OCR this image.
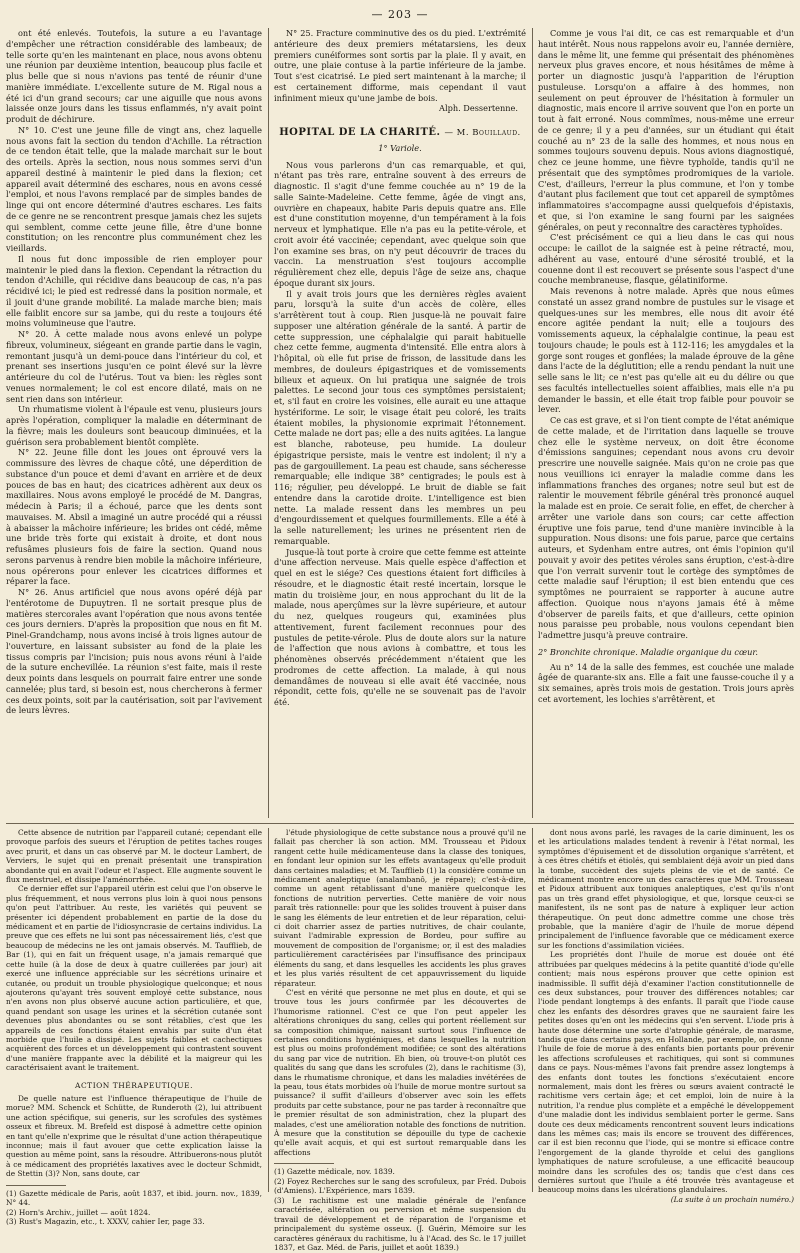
— 203 —

ont été enlevés. Toutefois, la suture a eu l'avantage d'empêcher une rétraction considérable des lambeaux; de telle sorte qu'en les maintenant en place, nous avons obtenu une réunion par deuxième intention, beaucoup plus facile et plus belle que si nous n'avions pas tenté de réunir d'une manière immédiate. L'excellente suture de M. Rigal nous a été ici d'un grand secours; car une aiguille que nous avons laissée onze jours dans les tissus enflammés, n'y avait point produit de déchirure.

N° 10. C'est une jeune fille de vingt ans, chez laquelle nous avons fait la section du tendon d'Achille. La rétraction de ce tendon était telle, que la malade marchait sur le bout des orteils. Après la section, nous nous sommes servi d'un appareil destiné à maintenir le pied dans la flexion; cet appareil avait déterminé des eschares, nous en avons cessé l'emploi, et nous l'avons remplacé par de simples bandes de linge qui ont encore déterminé d'autres eschares. Les faits de ce genre ne se rencontrent presque jamais chez les sujets qui semblent, comme cette jeune fille, être d'une bonne constitution; on les rencontre plus communément chez les vieillards.

Il nous fut donc impossible de rien employer pour maintenir le pied dans la flexion. Cependant la rétraction du tendon d'Achille, qui récidive dans beaucoup de cas, n'a pas récidivé ici; le pied est redressé dans la position normale, et il jouit d'une grande mobilité. La malade marche bien; mais elle faiblit encore sur sa jambe, qui du reste a toujours été moins volumineuse que l'autre.

N° 20. À cette malade nous avons enlevé un polype fibreux, volumineux, siégeant en grande partie dans le vagin, remontant jusqu'à un demi-pouce dans l'intérieur du col, et prenant ses insertions jusqu'en ce point élevé sur la lèvre antérieure du col de l'utérus. Tout va bien: les règles sont venues normalement; le col est encore dilaté, mais on ne sent rien dans son intérieur.

Un rhumatisme violent à l'épaule est venu, plusieurs jours après l'opération, compliquer la maladie en déterminant de la fièvre; mais les douleurs sont beaucoup diminuées, et la guérison sera probablement bientôt complète.

N° 22. Jeune fille dont les joues ont éprouvé vers la commissure des lèvres de chaque côté, une déperdition de substance d'un pouce et demi d'avant en arrière et de deux pouces de bas en haut; des cicatrices adhèrent aux deux os maxillaires. Nous avons employé le procédé de M. Dangras, médecin à Paris; il a échoué, parce que les dents sont mauvaises. M. Absil a imaginé un autre procédé qui a réussi à abaisser la mâchoire inférieure; les brides ont cédé, même une bride très forte qui existait à droite, et dont nous refusâmes plusieurs fois de faire la section. Quand nous serons parvenus à rendre bien mobile la mâchoire inférieure, nous opérerons pour enlever les cicatrices difformes et réparer la face.

N° 26. Anus artificiel que nous avons opéré déjà par l'entérotome de Dupuytren. Il ne sortait presque plus de matières stercorales avant l'opération que nous avons tentée ces jours derniers. D'après la proposition que nous en fit M. Pinel-Grandchamp, nous avons incisé à trois lignes autour de l'ouverture, en laissant subsister au fond de la plaie les tissus compris par l'incision; puis nous avons réuni à l'aide de la suture enchevillée. La réunion s'est faite, mais il reste deux points dans lesquels on pourrait faire entrer une sonde cannelée; plus tard, si besoin est, nous chercherons à fermer ces deux points, soit par la cautérisation, soit par l'avivement de leurs lèvres.

N° 25. Fracture comminutive des os du pied. L'extrémité antérieure des deux premiers métatarsiens, les deux premiers cunéiformes sont sortis par la plaie. Il y avait, en outre, une plaie contuse à la partie inférieure de la jambe. Tout s'est cicatrisé. Le pied sert maintenant à la marche; il est certainement difforme, mais cependant il vaut infiniment mieux qu'une jambe de bois.

Alph. Dessertenne.
HOPITAL DE LA CHARITÉ. — M. Bouillaud.
1° Variole.

Nous vous parlerons d'un cas remarquable, et qui, n'étant pas très rare, entraîne souvent à des erreurs de diagnostic. Il s'agit d'une femme couchée au n° 19 de la salle Sainte-Madeleine. Cette femme, âgée de vingt ans, ouvrière en chapeaux, habite Paris depuis quatre ans. Elle est d'une constitution moyenne, d'un tempérament à la fois nerveux et lymphatique. Elle n'a pas eu la petite-vérole, et croit avoir été vaccinée; cependant, avec quelque soin que l'on examine ses bras, on n'y peut découvrir de traces du vaccin. La menstruation s'est toujours accomplie régulièrement chez elle, depuis l'âge de seize ans, chaque époque durant six jours.

Il y avait trois jours que les dernières règles avaient paru, lorsqu'à la suite d'un accès de colère, elles s'arrêtèrent tout à coup. Rien jusque-là ne pouvait faire supposer une altération générale de la santé. À partir de cette suppression, une céphalalgie qui parait habituelle chez cette femme, augmenta d'intensité. Elle entra alors à l'hôpital, où elle fut prise de frisson, de lassitude dans les membres, de douleurs épigastriques et de vomissements bilieux et aqueux. On lui pratiqua une saignée de trois palettes. Le second jour tous ces symptômes persistaient; et, s'il faut en croire les voisines, elle aurait eu une attaque hystériforme. Le soir, le visage était peu coloré, les traits étaient mobiles, la physionomie exprimait l'étonnement. Cette malade ne dort pas; elle a des nuits agitées. La langue est blanche, raboteuse, peu humide. La douleur épigastrique persiste, mais le ventre est indolent; il n'y a pas de gargouillement. La peau est chaude, sans sécheresse remarquable; elle indique 38° centigrades; le pouls est à 116; régulier, peu développé. Le bruit de diable se fait entendre dans la carotide droite. L'intelligence est bien nette. La malade ressent dans les membres un peu d'engourdissement et quelques fourmillements. Elle a été à la selle naturellement; les urines ne présentent rien de remarquable.

Jusque-là tout porte à croire que cette femme est atteinte d'une affection nerveuse. Mais quelle espèce d'affection et quel en est le siége? Ces questions étaient fort difficiles à résoudre, et le diagnostic était resté incertain, lorsque le matin du troisième jour, en nous approchant du lit de la malade, nous aperçûmes sur la lèvre supérieure, et autour du nez, quelques rougeurs qui, examinées plus attentivement, furent facilement reconnues pour des pustules de petite-vérole. Plus de doute alors sur la nature de l'affection que nous avions à combattre, et tous les phénomènes observés précédemment n'étaient que les prodromes de cette affection. La malade, à qui nous demandâmes de nouveau si elle avait été vaccinée, nous répondit, cette fois, qu'elle ne se souvenait pas de l'avoir été.

Comme je vous l'ai dit, ce cas est remarquable et d'un haut intérêt. Nous nous rappelons avoir eu, l'année dernière, dans le même lit, une femme qui présentait des phénomènes nerveux plus graves encore, et nous hésitâmes de même à porter un diagnostic jusqu'à l'apparition de l'éruption pustuleuse. Lorsqu'on a affaire à des hommes, non seulement on peut éprouver de l'hésitation à formuler un diagnostic, mais encore il arrive souvent que l'on en porte un tout à fait erroné. Nous commîmes, nous-même une erreur de ce genre; il y a peu d'années, sur un étudiant qui était couché au n° 23 de la salle des hommes, et nous nous en sommes toujours souvenu depuis. Nous avions diagnostiqué, chez ce jeune homme, une fièvre typhoïde, tandis qu'il ne présentait que des symptômes prodromiques de la variole. C'est, d'ailleurs, l'erreur la plus commune, et l'on y tombe d'autant plus facilement que tout cet appareil de symptômes inflammatoires s'accompagne aussi quelquefois d'épistaxis, et que, si l'on examine le sang fourni par les saignées générales, on peut y reconnaître des caractères typhoïdes.

C'est précisément ce qui a lieu dans le cas qui nous occupe: le caillot de la saignée est à peine rétracté, mou, adhérent au vase, entouré d'une sérosité troublé, et la couenne dont il est recouvert se présente sous l'aspect d'une couche membraneuse, flasque, gélatiniforme.

Mais revenons à notre malade. Après que nous eûmes constaté un assez grand nombre de pustules sur le visage et quelques-unes sur les membres, elle nous dit avoir été encore agitée pendant la nuit; elle a toujours des vomissements aqueux, la céphalalgie continue, la peau est toujours chaude; le pouls est à 112-116; les amygdales et la gorge sont rouges et gonflées; la malade éprouve de la gêne dans l'acte de la déglutition; elle a rendu pendant la nuit une selle sans le lit; ce n'est pas qu'elle ait eu du délire ou que ses facultés intellectuelles soient affaiblies, mais elle n'a pu demander le bassin, et elle était trop faible pour pouvoir se lever.

Ce cas est grave, et si l'on tient compte de l'état anémique de cette malade, et de l'irritation dans laquelle se trouve chez elle le système nerveux, on doit être économe d'émissions sanguines; cependant nous avons cru devoir prescrire une nouvelle saignée. Mais qu'on ne croie pas que nous veuillions ici enrayer la maladie comme dans les inflammations franches des organes; notre seul but est de ralentir le mouvement fébrile général très prononcé auquel la malade est en proie. Ce serait folie, en effet, de chercher à arrêter une variole dans son cours; car cette affection éruptive une fois parue, tend d'une manière invincible à la suppuration. Nous disons: une fois parue, parce que certains auteurs, et Sydenham entre autres, ont émis l'opinion qu'il pouvait y avoir des petites véroles sans éruption, c'est-à-dire que l'on verrait survenir tout le cortège des symptômes de cette maladie sauf l'éruption; il est bien entendu que ces symptômes ne pourraient se rapporter à aucune autre affection. Quoique nous n'ayons jamais été à même d'observer de pareils faits, et que d'ailleurs, cette opinion nous paraisse peu probable, nous voulons cependant bien l'admettre jusqu'à preuve contraire.

2° Bronchite chronique. Maladie organique du cœur.

Au n° 14 de la salle des femmes, est couchée une malade âgée de quarante-six ans. Elle a fait une fausse-couche il y a six semaines, après trois mois de gestation. Trois jours après cet avortement, les lochies s'arrêtèrent, et

Cette absence de nutrition par l'appareil cutané; cependant elle provoque parfois des sueurs et l'éruption de petites taches rouges avec prurit, et dans un cas observé par M. le docteur Lambert, de Verviers, le sujet qui en prenait présentait une transpiration abondante qui en avait l'odeur et l'aspect. Elle augmente souvent le flux menstruel, et dissipe l'aménorrhée.

Ce dernier effet sur l'appareil utérin est celui que l'on observe le plus fréquemment, et nous verrons plus loin à quoi nous pensons qu'on peut l'attribuer. Au reste, les variétés qui peuvent se présenter ici dépendent probablement en partie de la dose du médicament et en partie de l'idiosyncrasie de certains individus. La preuve que ces effets ne lui sont pas nécessairement liés, c'est que beaucoup de médecins ne les ont jamais observés. M. Taufflieb, de Bar (1), qui en fait un fréquent usage, n'a jamais remarqué que cette huile (à la dose de deux à quatre cuillerées par jour) ait exercé une influence appréciable sur les sécrétions urinaire et cutanée, ou produit un trouble physiologique quelconque; et nous ajouterons qu'ayant très souvent employé cette substance, nous n'en avons non plus observé aucune action particulière, et que, quand pendant son usage les urines et la sécrétion cutanée sont devenues plus abondantes ou se sont rétablies, c'est que les appareils de ces fonctions étaient envahis par suite d'un état morbide que l'huile a dissipé. Les sujets faibles et cachectiques acquièrent des forces et un développement qui contrastent souvent d'une manière frappante avec la débilité et la maigreur qui les caractérisaient avant le traitement.

ACTION THÉRAPEUTIQUE.

De quelle nature est l'influence thérapeutique de l'huile de morue? MM. Schenck et Schütte, de Runderoth (2), lui attribuent une action spécifique, sui generis, sur les scrofules des systèmes osseux et fibreux. M. Brefeld est disposé à admettre cette opinion en tant qu'elle n'exprime que le résultat d'une action thérapeutique inconnue; mais il faut avouer que cette explication laisse la question au même point, sans la résoudre. Attribuerons-nous plutôt à ce médicament des propriétés laxatives avec le docteur Schmidt, de Stettin (3)? Non, sans doute, car

(1) Gazette médicale de Paris, août 1837, et ibid. journ. nov., 1839, N° 44.
(2) Horn's Archiv., juillet — août 1824.
(3) Rust's Magazin, etc., t. XXXV, cahier Ier, page 33.

l'étude physiologique de cette substance nous a prouvé qu'il ne fallait pas chercher là son action. MM. Trousseau et Pidoux rangent cette huile médicamenteuse dans la classe des toniques, en fondant leur opinion sur les effets avantageux qu'elle produit dans certaines maladies; et M. Taufflieb (1) la considère comme un médicament analeptique (analambanô, je répare); c'est-à-dire, comme un agent rétablissant d'une manière quelconque les fonctions de nutrition perverties. Cette manière de voir nous paraît très rationnelle: pour que les solides trouvent à puiser dans le sang les éléments de leur entretien et de leur réparation, celui-ci doit charrier assez de parties nutritives, de chair coulante, suivant l'admirable expression de Bordeu, pour suffire au mouvement de composition de l'organisme; or, il est des maladies particulièrement caractérisées par l'insuffisance des principaux éléments du sang, et dans lesquelles les accidents les plus graves et les plus variés résultent de cet appauvrissement du liquide réparateur.

C'est en vérité que personne ne met plus en doute, et qui se trouve tous les jours confirmée par les découvertes de l'humorisme rationnel. C'est ce que l'on peut appeler les altérations chroniques du sang, celles qui portent réellement sur sa composition chimique, naissant surtout sous l'influence de certaines conditions hygiéniques, et dans lesquelles la nutrition est plus ou moins profondément modifiée; ce sont des altérations du sang par vice de nutrition. Eh bien, où trouve-t-on plutôt ces qualités du sang que dans les scrofules (2), dans le rachitisme (3), dans le rhumatisme chronique, et dans les maladies invétérées de la peau, tous états morbides où l'huile de morue montre surtout sa puissance? il suffit d'ailleurs d'observer avec soin les effets produits par cette substance, pour ne pas tarder à reconnaître que le premier résultat de son administration, chez la plupart des malades, c'est une amélioration notable des fonctions de nutrition. À mesure que la constitution se dépouille du type de cachexie qu'elle avait acquis, et qui est surtout remarquable dans les affections

(1) Gazette médicale, nov. 1839.
(2) Foyez Recherches sur le sang des scrofuleux, par Fréd. Dubois (d'Amiens). L'Expérience, mars 1839.
(3) Le rachitisme est une maladie générale de l'enfance caractérisée, altération ou perversion et même suspension du travail de développement et de réparation de l'organisme et principalement du système osseux. (J. Guérin, Mémoire sur les caractères généraux du rachitisme, lu à l'Acad. des Sc. le 17 juillet 1837, et Gaz. Méd. de Paris, juillet et août 1839.)

dont nous avons parlé, les ravages de la carie diminuent, les os et les articulations malades tendent à revenir à l'état normal, les symptômes d'épuisement et de dissolution organique s'arrêtent, et à ces êtres chétifs et étiolés, qui semblaient déjà avoir un pied dans la tombe, succèdent des sujets pleins de vie et de santé. Ce médicament montre encore un des caractères que MM. Trousseau et Pidoux attribuent aux toniques analeptiques, c'est qu'ils n'ont pas un très grand effet physiologique, et que, lorsque ceux-ci se manifestent, ils ne sont pas de nature à expliquer leur action thérapeutique. On peut donc admettre comme une chose très probable, que la manière d'agir de l'huile de morue dépend principalement de l'influence favorable que ce médicament exerce sur les fonctions d'assimilation viciées.

Les propriétés dont l'huile de morue est douée ont été attribuées par quelques médecins à la petite quantité d'iode qu'elle contient; mais nous espérons prouver que cette opinion est inadmissible. Il suffit déjà d'examiner l'action constitutionnelle de ces deux substances, pour trouver des différences notables; car l'iode pendant longtemps à des enfants. Il paraît que l'iode cause chez les enfants des désordres graves que ne sauraient faire les petites doses qu'en ont les médecins qui s'en servent. L'iode pris à haute dose détermine une sorte d'atrophie générale, de marasme, tandis que dans certains pays, en Hollande, par exemple, on donne l'huile de foie de morue à des enfants bien portants pour prévenir les affections scrofuleuses et rachitiques, qui sont si communes dans ce pays. Nous-mêmes l'avons fait prendre assez longtemps à des enfants dont toutes les fonctions s'exécutaient encore normalement, mais dont les frères ou sœurs avaient contracté le rachitisme vers certain âge; et cet emploi, loin de nuire à la nutrition, l'a rendue plus complète et a empêché le développement d'une maladie dont les individus semblaient porter le germe. Sans doute ces deux médicaments rencontrent souvent leurs indications dans les mêmes cas; mais ils encore se trouvent des différences, car il est bien reconnu que l'iode, qui se montre si efficace contre l'engorgement de la glande thyroïde et celui des ganglions lymphatiques de nature scrofuleuse, a une efficacité beaucoup moindre dans les scrofules des os; tandis que c'est dans ces dernières surtout que l'huile a été trouvée très avantageuse et beaucoup moins dans les ulcérations glandulaires.

(La suite à un prochain numéro.)
